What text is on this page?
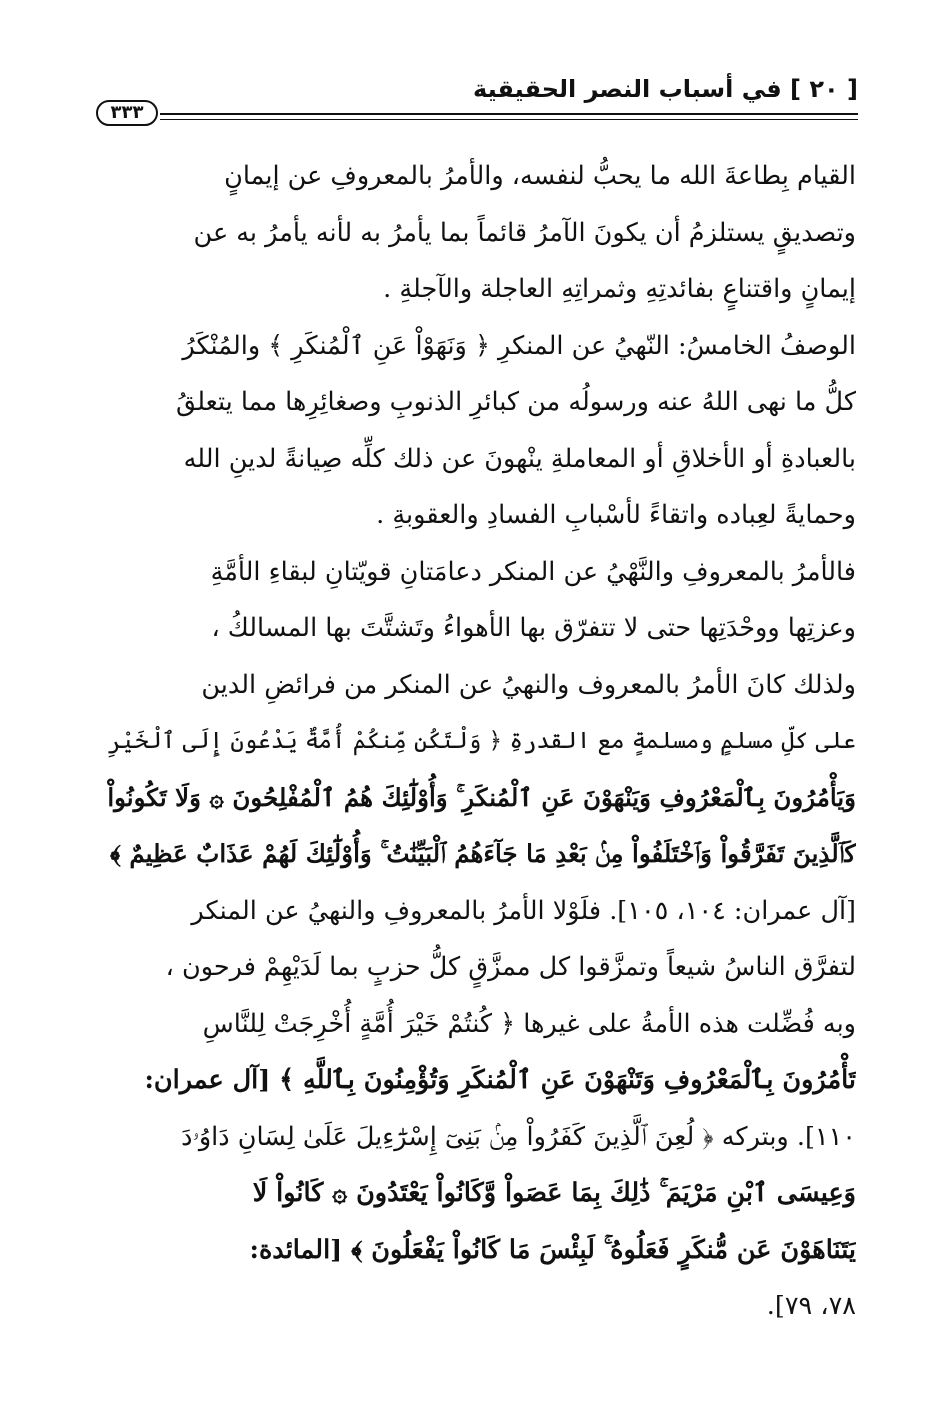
[ ٢٠ ] في أسباب النصر الحقيقية
٣٣٣
القيام بِطاعةَ الله ما يحبُّ لنفسه، والأمرُ بالمعروفِ عن إيمانٍ
وتصديقٍ يستلزمُ أن يكونَ الآمرُ قائماً بما يأمرُ به لأنه يأمرُ به عن
إيمانٍ واقتناعٍ بفائدتِهِ وثمراتِهِ العاجلة والآجلةِ .
الوصفُ الخامسُ: النّهيُ عن المنكرِ ﴿ وَنَهَوْاْ عَنِ ٱلْمُنكَرِ ﴾ والمُنْكَرُ
كلُّ ما نهى اللهُ عنه ورسولُه من كبائرِ الذنوبِ وصغائِرِها مما يتعلقُ
بالعبادةِ أو الأخلاقِ أو المعاملةِ ينْهونَ عن ذلك كلِّه صِيانةً لدينِ الله
وحمايةً لعِباده واتقاءً لأسْبابِ الفسادِ والعقوبةِ .
فالأمرُ بالمعروفِ والنَّهْيُ عن المنكر دعامَتانِ قويّتانِ لبقاءِ الأمَّةِ
وعزتِها ووحْدَتِها حتى لا تتفرّق بها الأهواءُ وتَشتَّتَ بها المسالكُ ،
ولذلك كانَ الأمرُ بالمعروف والنهيُ عن المنكر من فرائضِ الدين
على كلِّ مسلمٍ ومسلمةٍ مع القدرةِ ﴿ وَلْتَكُن مِّنكُمْ أُمَّةٌ يَدْعُونَ إِلَى ٱلْخَيْرِ
وَيَأْمُرُونَ بِٱلْمَعْرُوفِ وَيَنْهَوْنَ عَنِ ٱلْمُنكَرِ ۚ وَأُوْلَٰٓئِكَ هُمُ ٱلْمُفْلِحُونَ ۞ وَلَا تَكُونُواْ
كَٱلَّذِينَ تَفَرَّقُواْ وَٱخْتَلَفُواْ مِنۢ بَعْدِ مَا جَآءَهُمُ ٱلْبَيِّنَٰتُ ۚ وَأُوْلَٰٓئِكَ لَهُمْ عَذَابٌ عَظِيمٌ ﴾
[آل عمران: ١٠٤، ١٠٥]. فلَوْلا الأمرُ بالمعروفِ والنهيُ عن المنكر
لتفرَّق الناسُ شيعاً وتمزَّقوا كل ممزَّقٍ كلُّ حزبٍ بما لَدَيْهِمْ فرحون ،
وبه فُضِّلت هذه الأمةُ على غيرها ﴿ كُنتُمْ خَيْرَ أُمَّةٍ أُخْرِجَتْ لِلنَّاسِ
تَأْمُرُونَ بِٱلْمَعْرُوفِ وَتَنْهَوْنَ عَنِ ٱلْمُنكَرِ وَتُؤْمِنُونَ بِٱللَّهِ ﴾ [آل عمران:
١١٠]. وبتركه ﴿ لُعِنَ ٱلَّذِينَ كَفَرُواْ مِنۢ بَنِىٓ إِسْرَٰٓءِيلَ عَلَىٰ لِسَانِ دَاوُۥدَ
وَعِيسَى ٱبْنِ مَرْيَمَ ۚ ذَٰلِكَ بِمَا عَصَواْ وَّكَانُواْ يَعْتَدُونَ ۞ كَانُواْ لَا
يَتَنَاهَوْنَ عَن مُّنكَرٍ فَعَلُوهُ ۚ لَبِئْسَ مَا كَانُواْ يَفْعَلُونَ ﴾ [المائدة:
٧٨، ٧٩].
